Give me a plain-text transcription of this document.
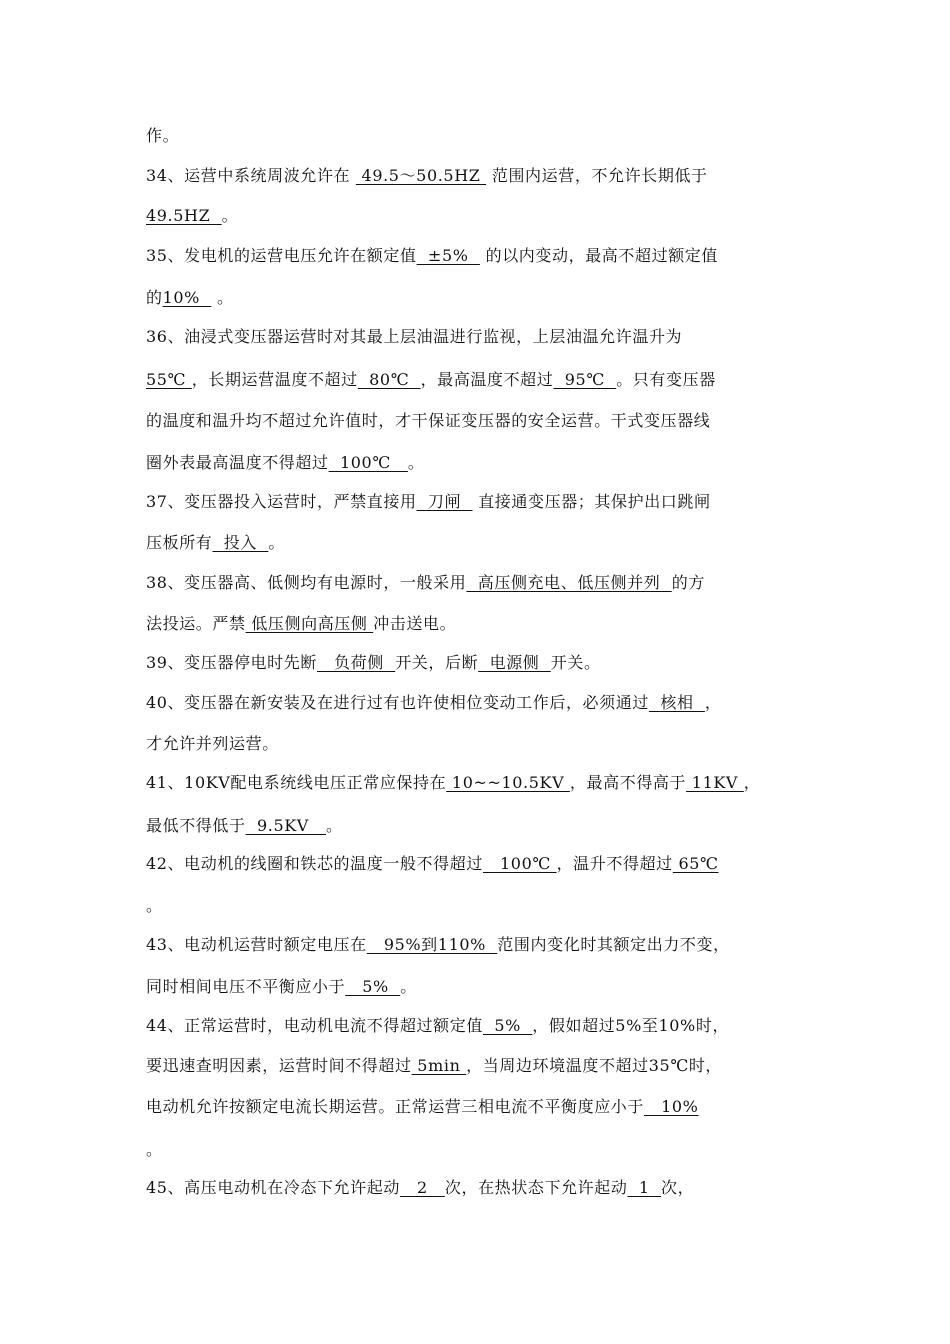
作。
34、运营中系统周波允许在  49.5～50.5HZ  范围内运营，不允许长期低于
49.5HZ  。
35、发电机的运营电压允许在额定值  ±5%   的以内变动，最高不超过额定值
的10%   。
36、油浸式变压器运营时对其最上层油温进行监视，上层油温允许温升为
55℃ ，长期运营温度不超过  80℃  ，最高温度不超过  95℃  。只有变压器
的温度和温升均不超过允许值时，才干保证变压器的安全运营。干式变压器线
圈外表最高温度不得超过  100℃   。
37、变压器投入运营时，严禁直接用  刀闸   直接通变压器；其保护出口跳闸
压板所有  投入  。
38、变压器高、低侧均有电源时，一般采用  高压侧充电、低压侧并列  的方
法投运。严禁 低压侧向高压侧 冲击送电。
39、变压器停电时先断   负荷侧  开关，后断  电源侧  开关。
40、变压器在新安装及在进行过有也许使相位变动工作后，必须通过  核相  ，
才允许并列运营。
41、10KV配电系统线电压正常应保持在 10~~10.5KV ，最高不得高于 11KV ，
最低不得低于  9.5KV   。
42、电动机的线圈和铁芯的温度一般不得超过   100℃ ，温升不得超过 65℃
。
43、电动机运营时额定电压在   95%到110%  范围内变化时其额定出力不变，
同时相间电压不平衡应小于   5%  。
44、正常运营时，电动机电流不得超过额定值  5%  ，假如超过5%至10%时，
要迅速查明因素，运营时间不得超过 5min ，当周边环境温度不超过35℃时，
电动机允许按额定电流长期运营。正常运营三相电流不平衡度应小于   10%
。
45、高压电动机在冷态下允许起动   2   次，在热状态下允许起动  1  次，
